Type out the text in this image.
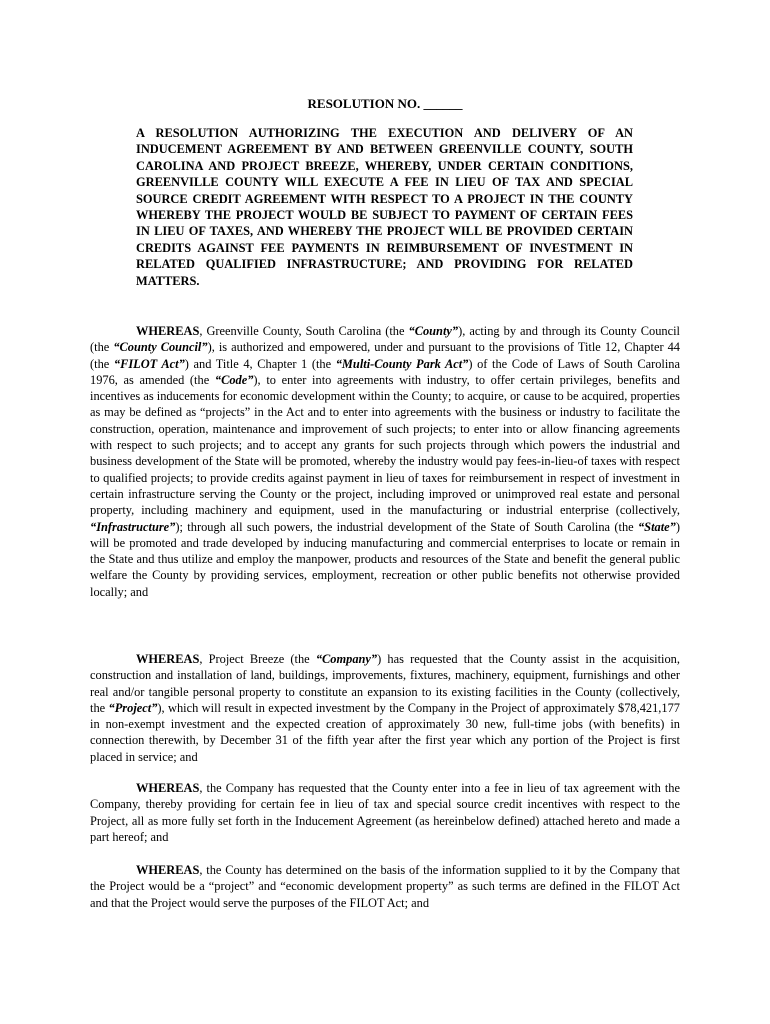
RESOLUTION NO. ______
A RESOLUTION AUTHORIZING THE EXECUTION AND DELIVERY OF AN INDUCEMENT AGREEMENT BY AND BETWEEN GREENVILLE COUNTY, SOUTH CAROLINA AND PROJECT BREEZE, WHEREBY, UNDER CERTAIN CONDITIONS, GREENVILLE COUNTY WILL EXECUTE A FEE IN LIEU OF TAX AND SPECIAL SOURCE CREDIT AGREEMENT WITH RESPECT TO A PROJECT IN THE COUNTY WHEREBY THE PROJECT WOULD BE SUBJECT TO PAYMENT OF CERTAIN FEES IN LIEU OF TAXES, AND WHEREBY THE PROJECT WILL BE PROVIDED CERTAIN CREDITS AGAINST FEE PAYMENTS IN REIMBURSEMENT OF INVESTMENT IN RELATED QUALIFIED INFRASTRUCTURE; AND PROVIDING FOR RELATED MATTERS.

WHEREAS, Greenville County, South Carolina (the “County”), acting by and through its County Council (the “County Council”), is authorized and empowered, under and pursuant to the provisions of Title 12, Chapter 44 (the “FILOT Act”) and Title 4, Chapter 1 (the “Multi-County Park Act”) of the Code of Laws of South Carolina 1976, as amended (the “Code”), to enter into agreements with industry, to offer certain privileges, benefits and incentives as inducements for economic development within the County; to acquire, or cause to be acquired, properties as may be defined as “projects” in the Act and to enter into agreements with the business or industry to facilitate the construction, operation, maintenance and improvement of such projects; to enter into or allow financing agreements with respect to such projects; and to accept any grants for such projects through which powers the industrial and business development of the State will be promoted, whereby the industry would pay fees-in-lieu-of taxes with respect to qualified projects; to provide credits against payment in lieu of taxes for reimbursement in respect of investment in certain infrastructure serving the County or the project, including improved or unimproved real estate and personal property, including machinery and equipment, used in the manufacturing or industrial enterprise (collectively, “Infrastructure”); through all such powers, the industrial development of the State of South Carolina (the “State”) will be promoted and trade developed by inducing manufacturing and commercial enterprises to locate or remain in the State and thus utilize and employ the manpower, products and resources of the State and benefit the general public welfare the County by providing services, employment, recreation or other public benefits not otherwise provided locally; and

WHEREAS, Project Breeze (the “Company”) has requested that the County assist in the acquisition, construction and installation of land, buildings, improvements, fixtures, machinery, equipment, furnishings and other real and/or tangible personal property to constitute an expansion to its existing facilities in the County (collectively, the “Project”), which will result in expected investment by the Company in the Project of approximately $78,421,177 in non-exempt investment and the expected creation of approximately 30 new, full-time jobs (with benefits) in connection therewith, by December 31 of the fifth year after the first year which any portion of the Project is first placed in service; and

WHEREAS, the Company has requested that the County enter into a fee in lieu of tax agreement with the Company, thereby providing for certain fee in lieu of tax and special source credit incentives with respect to the Project, all as more fully set forth in the Inducement Agreement (as hereinbelow defined) attached hereto and made a part hereof; and

WHEREAS, the County has determined on the basis of the information supplied to it by the Company that the Project would be a “project” and “economic development property” as such terms are defined in the FILOT Act and that the Project would serve the purposes of the FILOT Act; and
